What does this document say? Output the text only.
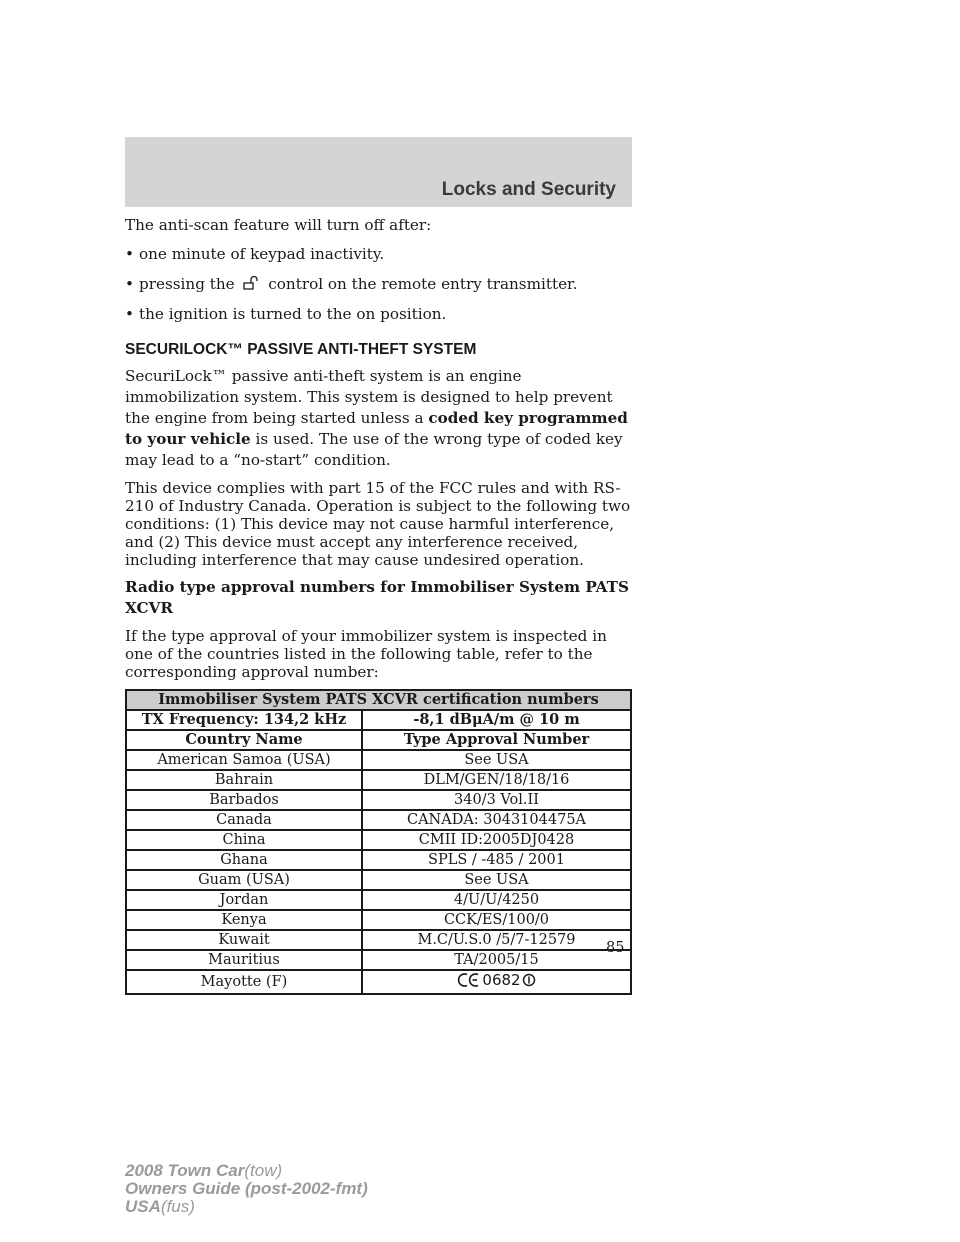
Locks and Security

The anti-scan feature will turn off after:

• one minute of keypad inactivity.
• pressing the control on the remote entry transmitter.
• the ignition is turned to the on position.
SECURILOCK™ PASSIVE ANTI-THEFT SYSTEM

SecuriLock™ passive anti-theft system is an engine immobilization system. This system is designed to help prevent the engine from being started unless a coded key programmed to your vehicle is used. The use of the wrong type of coded key may lead to a “no-start” condition.

This device complies with part 15 of the FCC rules and with RS-210 of Industry Canada. Operation is subject to the following two conditions: (1) This device may not cause harmful interference, and (2) This device must accept any interference received, including interference that may cause undesired operation.

Radio type approval numbers for Immobiliser System PATS XCVR

If the type approval of your immobilizer system is inspected in one of the countries listed in the following table, refer to the corresponding approval number:

Immobiliser System PATS XCVR certification numbers	
TX Frequency: 134,2 kHz	-8,1 dBμA/m @ 10 m
Country Name	Type Approval Number
American Samoa (USA)	See USA
Bahrain	DLM/GEN/18/18/16
Barbados	340/3 Vol.II
Canada	CANADA: 3043104475A
China	CMII ID:2005DJ0428
Ghana	SPLS / -485 / 2001
Guam (USA)	See USA
Jordan	4/U/U/4250
Kenya	CCK/ES/100/0
Kuwait	M.C/U.S.0 /5/7-12579
Mauritius	TA/2005/15
Mayotte (F)	0682
85
2008 Town Car(tow)
Owners Guide (post-2002-fmt)
USA(fus)
